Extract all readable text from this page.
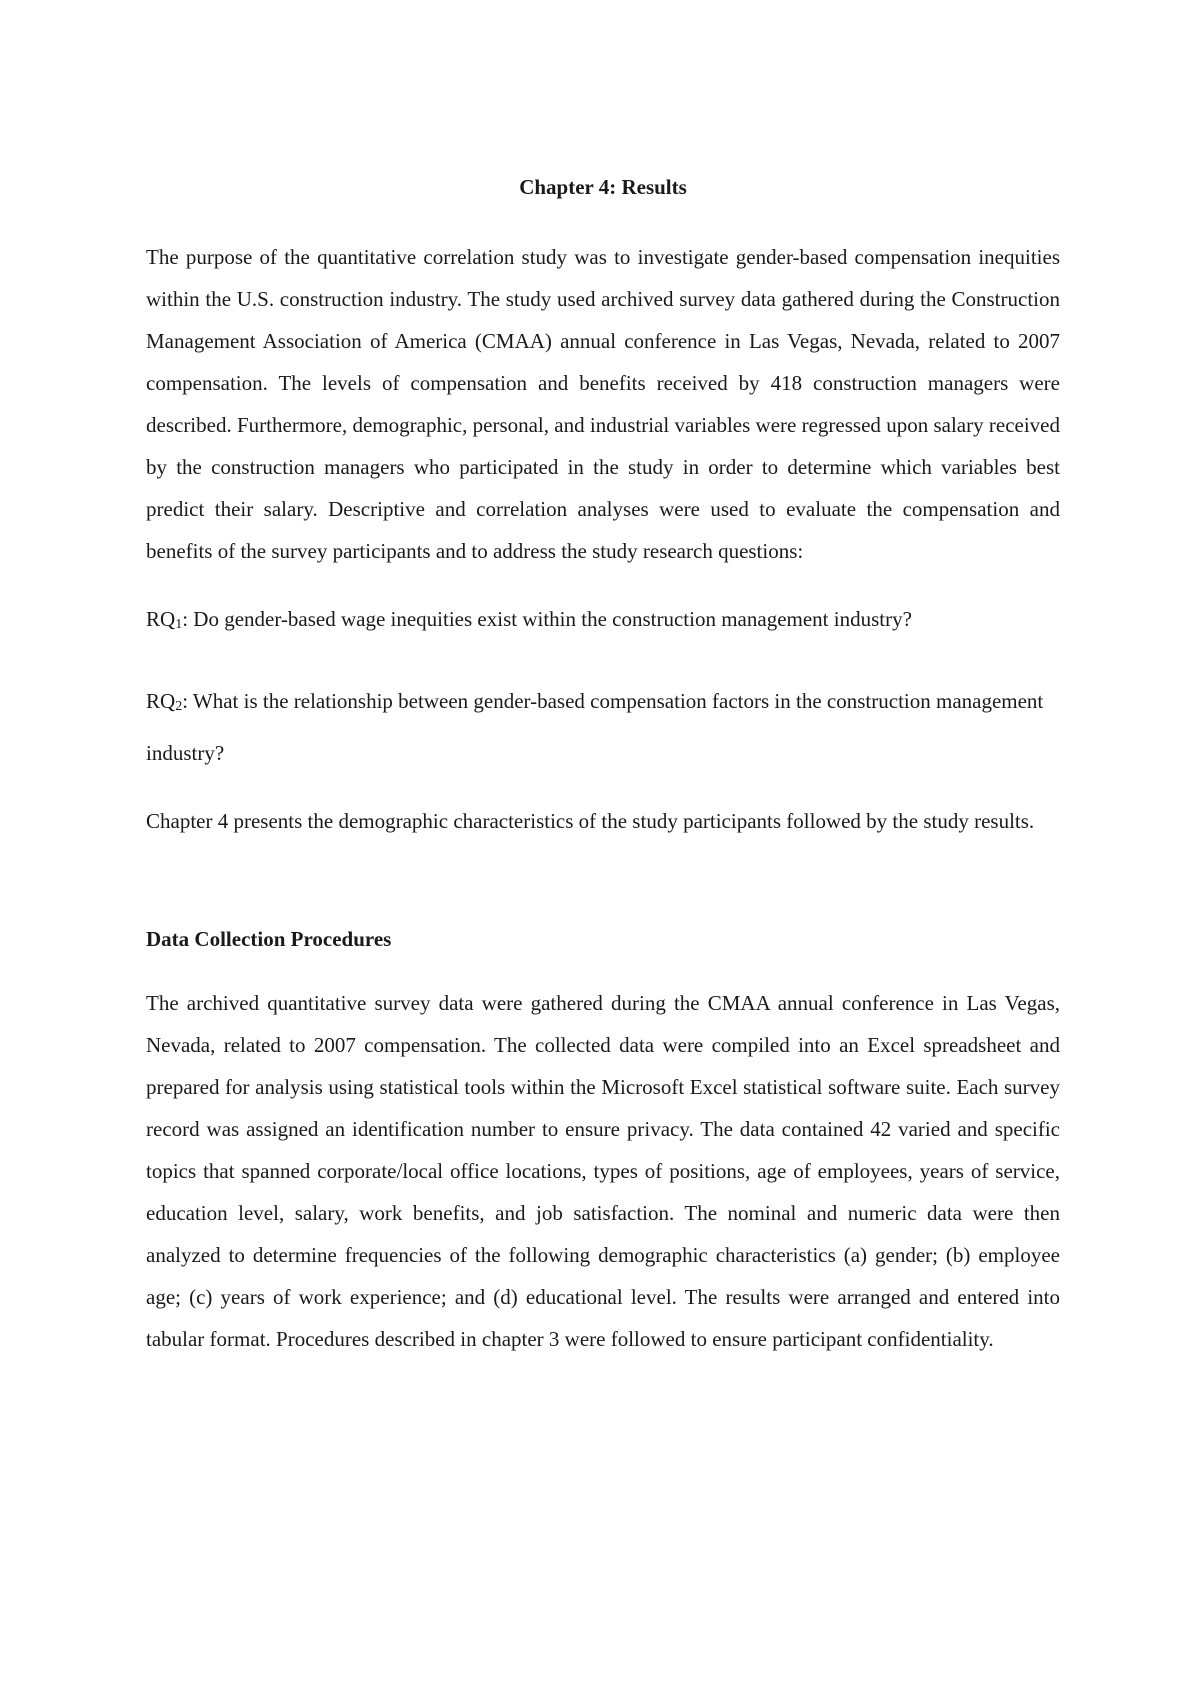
Chapter 4: Results

The purpose of the quantitative correlation study was to investigate gender-based compensation inequities within the U.S. construction industry. The study used archived survey data gathered during the Construction Management Association of America (CMAA) annual conference in Las Vegas, Nevada, related to 2007 compensation. The levels of compensation and benefits received by 418 construction managers were described. Furthermore, demographic, personal, and industrial variables were regressed upon salary received by the construction managers who participated in the study in order to determine which variables best predict their salary. Descriptive and correlation analyses were used to evaluate the compensation and benefits of the survey participants and to address the study research questions:

$RQ_1$: Do gender-based wage inequities exist within the construction management industry?

$RQ_2$: What is the relationship between gender-based compensation factors in the construction management industry?

Chapter 4 presents the demographic characteristics of the study participants followed by the study results.

Data Collection Procedures

The archived quantitative survey data were gathered during the CMAA annual conference in Las Vegas, Nevada, related to 2007 compensation. The collected data were compiled into an Excel spreadsheet and prepared for analysis using statistical tools within the Microsoft Excel statistical software suite. Each survey record was assigned an identification number to ensure privacy. The data contained 42 varied and specific topics that spanned corporate/local office locations, types of positions, age of employees, years of service, education level, salary, work benefits, and job satisfaction. The nominal and numeric data were then analyzed to determine frequencies of the following demographic characteristics (a) gender; (b) employee age; (c) years of work experience; and (d) educational level. The results were arranged and entered into tabular format. Procedures described in chapter 3 were followed to ensure participant confidentiality.
